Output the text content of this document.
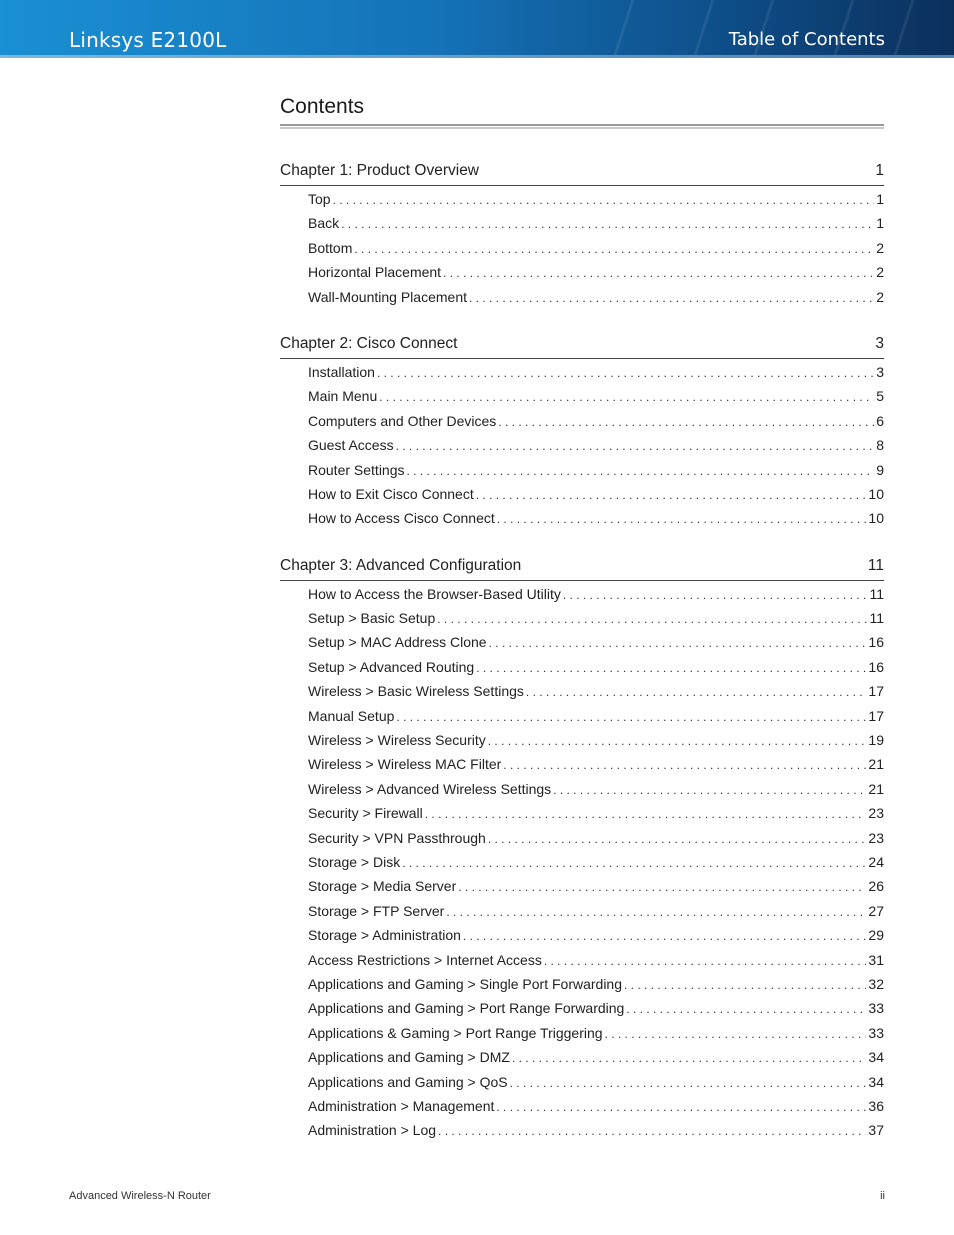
Linksys E2100L	Table of Contents
Contents
Chapter 1: Product Overview	1
Top . . .	1
Back . . .	1
Bottom . . .	2
Horizontal Placement . . .	2
Wall-Mounting Placement . . .	2
Chapter 2: Cisco Connect	3
Installation . . .	3
Main Menu . . .	5
Computers and Other Devices . . .	6
Guest Access . . .	8
Router Settings . . .	9
How to Exit Cisco Connect . . .	10
How to Access Cisco Connect . . .	10
Chapter 3: Advanced Configuration	11
How to Access the Browser-Based Utility . . .	11
Setup > Basic Setup . . .	11
Setup > MAC Address Clone . . .	16
Setup > Advanced Routing . . .	16
Wireless > Basic Wireless Settings . . .	17
Manual Setup . . .	17
Wireless > Wireless Security . . .	19
Wireless > Wireless MAC Filter . . .	21
Wireless > Advanced Wireless Settings . . .	21
Security > Firewall . . .	23
Security > VPN Passthrough . . .	23
Storage > Disk . . .	24
Storage > Media Server . . .	26
Storage > FTP Server . . .	27
Storage > Administration . . .	29
Access Restrictions > Internet Access . . .	31
Applications and Gaming > Single Port Forwarding . . .	32
Applications and Gaming > Port Range Forwarding . . .	33
Applications & Gaming > Port Range Triggering . . .	33
Applications and Gaming > DMZ . . .	34
Applications and Gaming > QoS . . .	34
Administration > Management . . .	36
Administration > Log . . .	37
Advanced Wireless-N Router	ii
